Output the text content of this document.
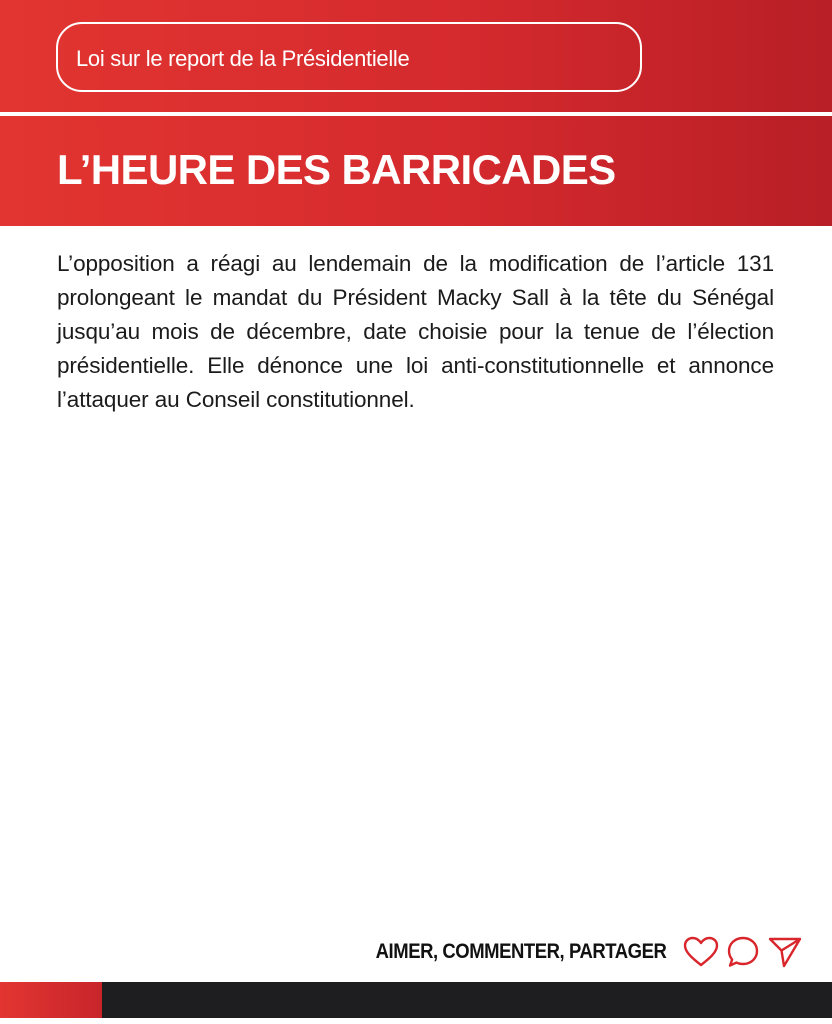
Loi sur le report de la Présidentielle
L’HEURE DES BARRICADES

L’opposition a réagi au lendemain de la modification de l’article 131 prolongeant le mandat du Président Macky Sall à la tête du Sénégal jusqu’au mois de décembre, date choisie pour la tenue de l’élection présidentielle. Elle dénonce une loi anti-constitutionnelle et annonce l’attaquer au Conseil constitutionnel.

AIMER, COMMENTER, PARTAGER
